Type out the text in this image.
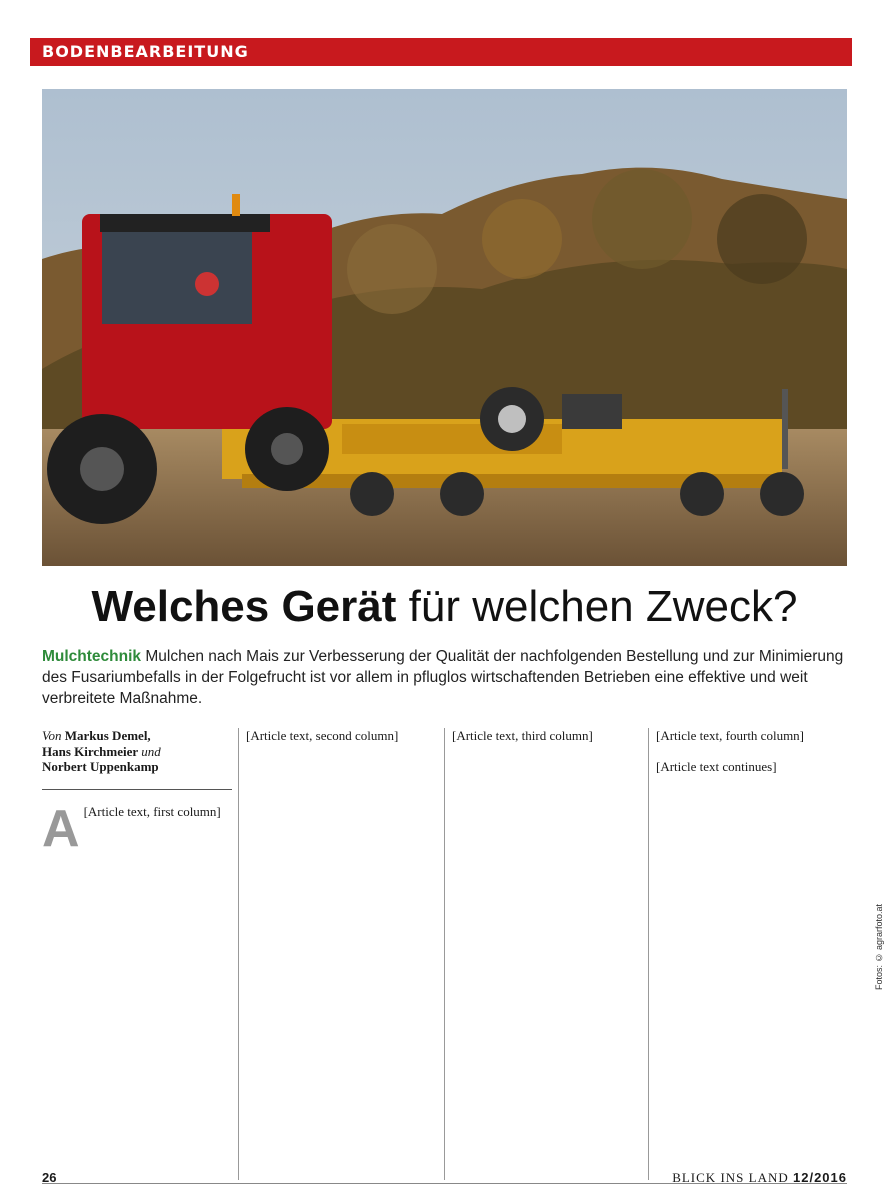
BODENBEARBEITUNG
Welches Gerät für welchen Zweck?
Mulchtechnik Mulchen nach Mais zur Verbesserung der Qualität der nachfolgenden Bestellung und zur Minimierung des Fusariumbefalls in der Folgefrucht ist vor allem in pfluglos wirtschaftenden Betrieben eine effektive und weit verbreitete Maßnahme.
Von Markus Demel,
Hans Kirchmeier und
Norbert Uppenkamp
A [Article text, first column]
[Article text, second column]	[Article text, third column]	[Article text, fourth column]
[Article text continues]
Fotos: © agrarfoto.at
26	BLICK INS LAND 12/2016
